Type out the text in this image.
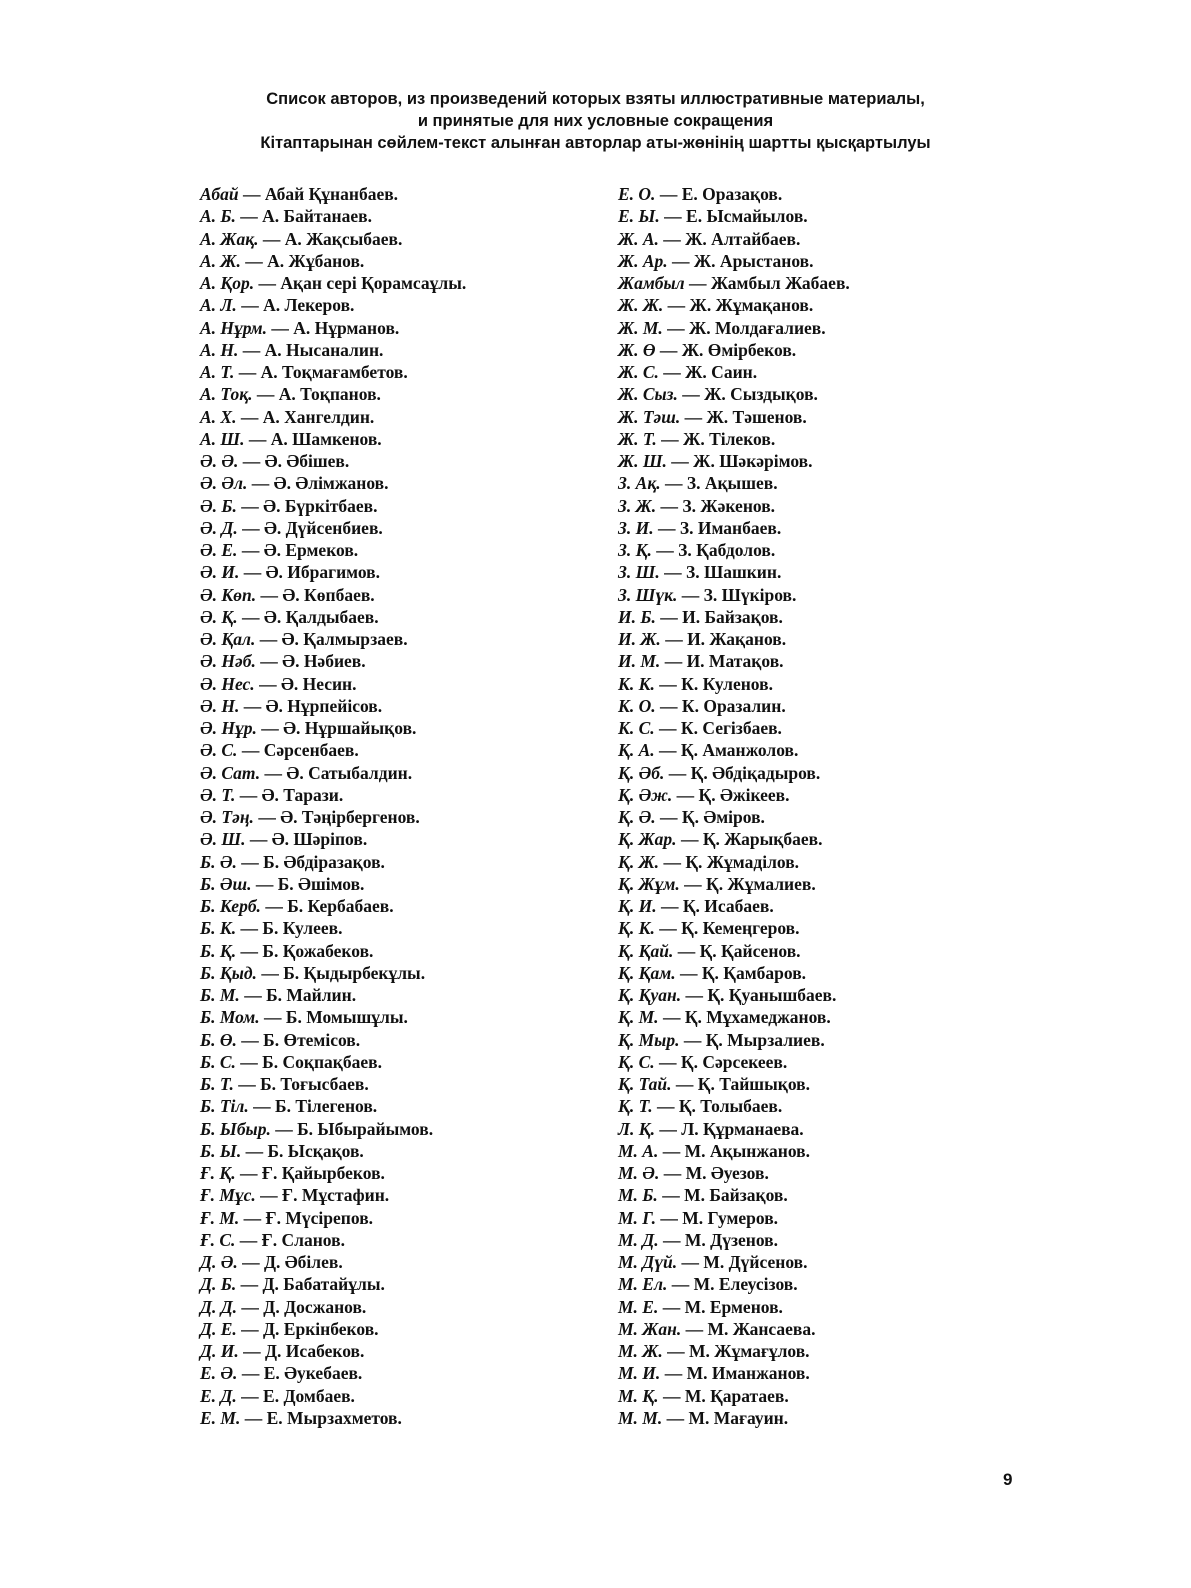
Список авторов, из произведений которых взяты иллюстративные материалы,
и принятые для них условные сокращения
Кітаптарынан сөйлем-текст алынған авторлар аты-жөнінің шартты қысқартылуы
Абай — Абай Құнанбаев.
А. Б. — А. Байтанаев.
А. Жақ. — А. Жақсыбаев.
А. Ж. — А. Жұбанов.
А. Қор. — Ақан сері Қорамсаұлы.
А. Л. — А. Лекеров.
А. Нұрм. — А. Нұрманов.
А. Н. — А. Нысаналин.
А. Т. — А. Тоқмағамбетов.
А. Тоқ. — А. Тоқпанов.
А. Х. — А. Хангелдин.
А. Ш. — А. Шамкенов.
Ә. Ә. — Ә. Әбішев.
Ә. Әл. — Ә. Әлімжанов.
Ә. Б. — Ә. Бүркітбаев.
Ә. Д. — Ә. Дүйсенбиев.
Ә. Е. — Ә. Ермеков.
Ә. И. — Ә. Ибрагимов.
Ә. Көп. — Ә. Көпбаев.
Ә. Қ. — Ә. Қалдыбаев.
Ә. Қал. — Ә. Қалмырзаев.
Ә. Нәб. — Ә. Нәбиев.
Ә. Нес. — Ә. Несин.
Ә. Н. — Ә. Нұрпейісов.
Ә. Нұр. — Ә. Нұршайықов.
Ә. С. — Сәрсенбаев.
Ә. Сат. — Ә. Сатыбалдин.
Ә. Т. — Ә. Тарази.
Ә. Тәң. — Ә. Тәңірбергенов.
Ә. Ш. — Ә. Шәріпов.
Б. Ә. — Б. Әбдіразақов.
Б. Әш. — Б. Әшімов.
Б. Керб. — Б. Кербабаев.
Б. К. — Б. Кулеев.
Б. Қ. — Б. Қожабеков.
Б. Қыд. — Б. Қыдырбекұлы.
Б. М. — Б. Майлин.
Б. Мом. — Б. Момышұлы.
Б. Ө. — Б. Өтемісов.
Б. С. — Б. Соқпақбаев.
Б. Т. — Б. Тоғысбаев.
Б. Тіл. — Б. Тілегенов.
Б. Ыбыр. — Б. Ыбырайымов.
Б. Ы. — Б. Ысқақов.
Ғ. Қ. — Ғ. Қайырбеков.
Ғ. Мұс. — Ғ. Мұстафин.
Ғ. М. — Ғ. Мүсірепов.
Ғ. С. — Ғ. Сланов.
Д. Ә. — Д. Әбілев.
Д. Б. — Д. Бабатайұлы.
Д. Д. — Д. Досжанов.
Д. Е. — Д. Еркінбеков.
Д. И. — Д. Исабеков.
Е. Ә. — Е. Әукебаев.
Е. Д. — Е. Домбаев.
Е. М. — Е. Мырзахметов.
Е. О. — Е. Оразақов.
Е. Ы. — Е. Ысмайылов.
Ж. А. — Ж. Алтайбаев.
Ж. Ар. — Ж. Арыстанов.
Жамбыл — Жамбыл Жабаев.
Ж. Ж. — Ж. Жұмақанов.
Ж. М. — Ж. Молдағалиев.
Ж. Ө — Ж. Өмірбеков.
Ж. С. — Ж. Саин.
Ж. Сыз. — Ж. Сыздықов.
Ж. Тәш. — Ж. Тәшенов.
Ж. Т. — Ж. Тілеков.
Ж. Ш. — Ж. Шәкәрімов.
З. Ақ. — З. Ақышев.
З. Ж. — З. Жәкенов.
З. И. — З. Иманбаев.
З. Қ. — З. Қабдолов.
З. Ш. — З. Шашкин.
З. Шүк. — З. Шүкіров.
И. Б. — И. Байзақов.
И. Ж. — И. Жақанов.
И. М. — И. Матақов.
К. К. — К. Куленов.
К. О. — К. Оразалин.
К. С. — К. Сегізбаев.
Қ. А. — Қ. Аманжолов.
Қ. Әб. — Қ. Әбдіқадыров.
Қ. Әж. — Қ. Әжікеев.
Қ. Ә. — Қ. Әміров.
Қ. Жар. — Қ. Жарықбаев.
Қ. Ж. — Қ. Жұмаділов.
Қ. Жұм. — Қ. Жұмалиев.
Қ. И. — Қ. Исабаев.
Қ. К. — Қ. Кемеңгеров.
Қ. Қай. — Қ. Қайсенов.
Қ. Қам. — Қ. Қамбаров.
Қ. Қуан. — Қ. Қуанышбаев.
Қ. М. — Қ. Мұхамеджанов.
Қ. Мыр. — Қ. Мырзалиев.
Қ. С. — Қ. Сәрсекеев.
Қ. Тай. — Қ. Тайшықов.
Қ. Т. — Қ. Толыбаев.
Л. Қ. — Л. Құрманаева.
М. А. — М. Ақынжанов.
М. Ә. — М. Әуезов.
М. Б. — М. Байзақов.
М. Г. — М. Гумеров.
М. Д. — М. Дүзенов.
М. Дүй. — М. Дүйсенов.
М. Ел. — М. Елеусізов.
М. Е. — М. Ерменов.
М. Жан. — М. Жансаева.
М. Ж. — М. Жұмағұлов.
М. И. — М. Иманжанов.
М. Қ. — М. Қаратаев.
М. М. — М. Мағауин.
9
